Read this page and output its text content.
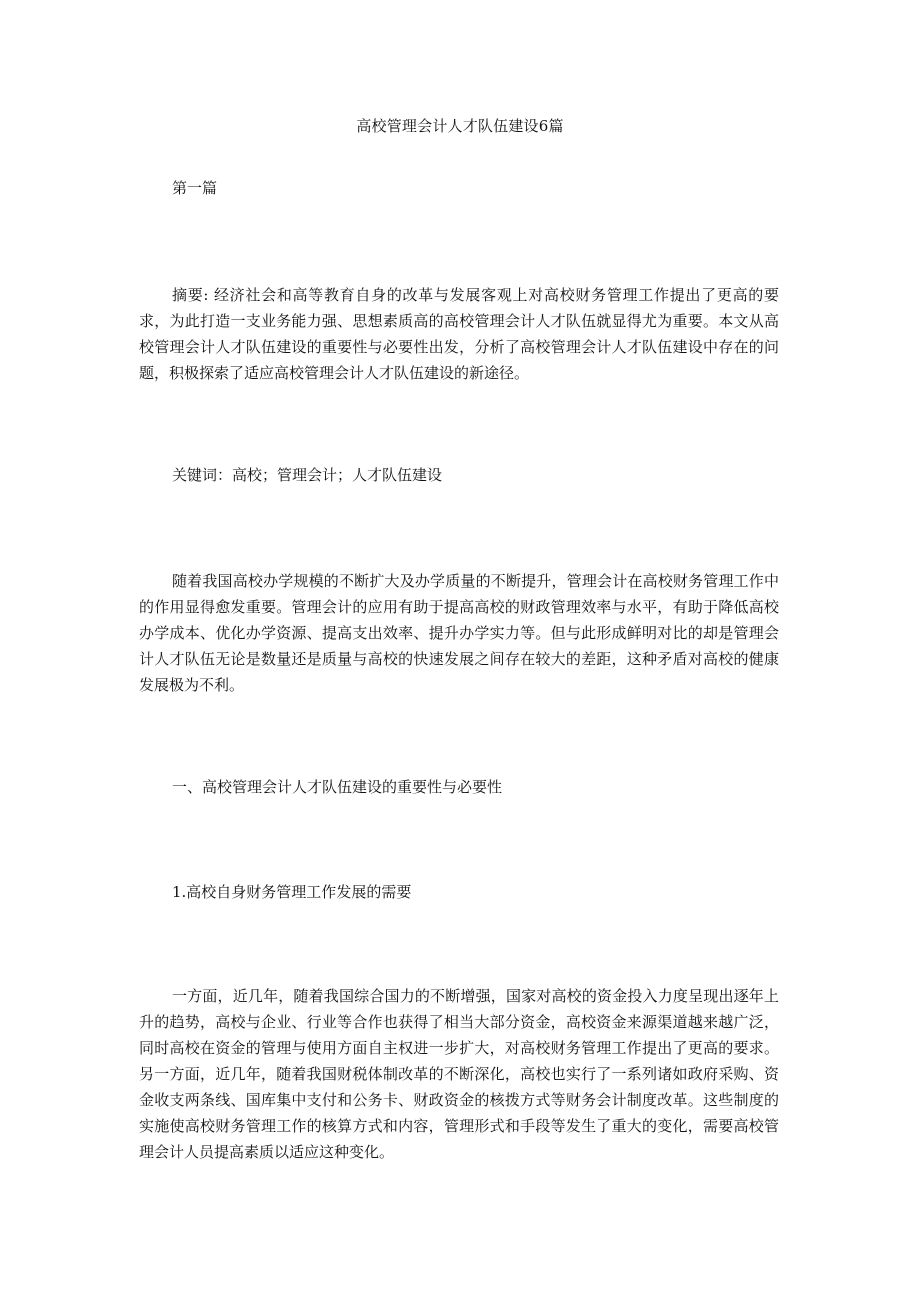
高校管理会计人才队伍建设6篇
第一篇

摘要: 经济社会和高等教育自身的改革与发展客观上对高校财务管理工作提出了更高的要求，为此打造一支业务能力强、思想素质高的高校管理会计人才队伍就显得尤为重要。本文从高校管理会计人才队伍建设的重要性与必要性出发，分析了高校管理会计人才队伍建设中存在的问题，积极探索了适应高校管理会计人才队伍建设的新途径。

关键词：高校；管理会计；人才队伍建设

随着我国高校办学规模的不断扩大及办学质量的不断提升，管理会计在高校财务管理工作中的作用显得愈发重要。管理会计的应用有助于提高高校的财政管理效率与水平，有助于降低高校办学成本、优化办学资源、提高支出效率、提升办学实力等。但与此形成鲜明对比的却是管理会计人才队伍无论是数量还是质量与高校的快速发展之间存在较大的差距，这种矛盾对高校的健康发展极为不利。

一、高校管理会计人才队伍建设的重要性与必要性
1.高校自身财务管理工作发展的需要

一方面，近几年，随着我国综合国力的不断增强，国家对高校的资金投入力度呈现出逐年上升的趋势，高校与企业、行业等合作也获得了相当大部分资金，高校资金来源渠道越来越广泛，同时高校在资金的管理与使用方面自主权进一步扩大，对高校财务管理工作提出了更高的要求。另一方面，近几年，随着我国财税体制改革的不断深化，高校也实行了一系列诸如政府采购、资金收支两条线、国库集中支付和公务卡、财政资金的核拨方式等财务会计制度改革。这些制度的实施使高校财务管理工作的核算方式和内容，管理形式和手段等发生了重大的变化，需要高校管理会计人员提高素质以适应这种变化。
